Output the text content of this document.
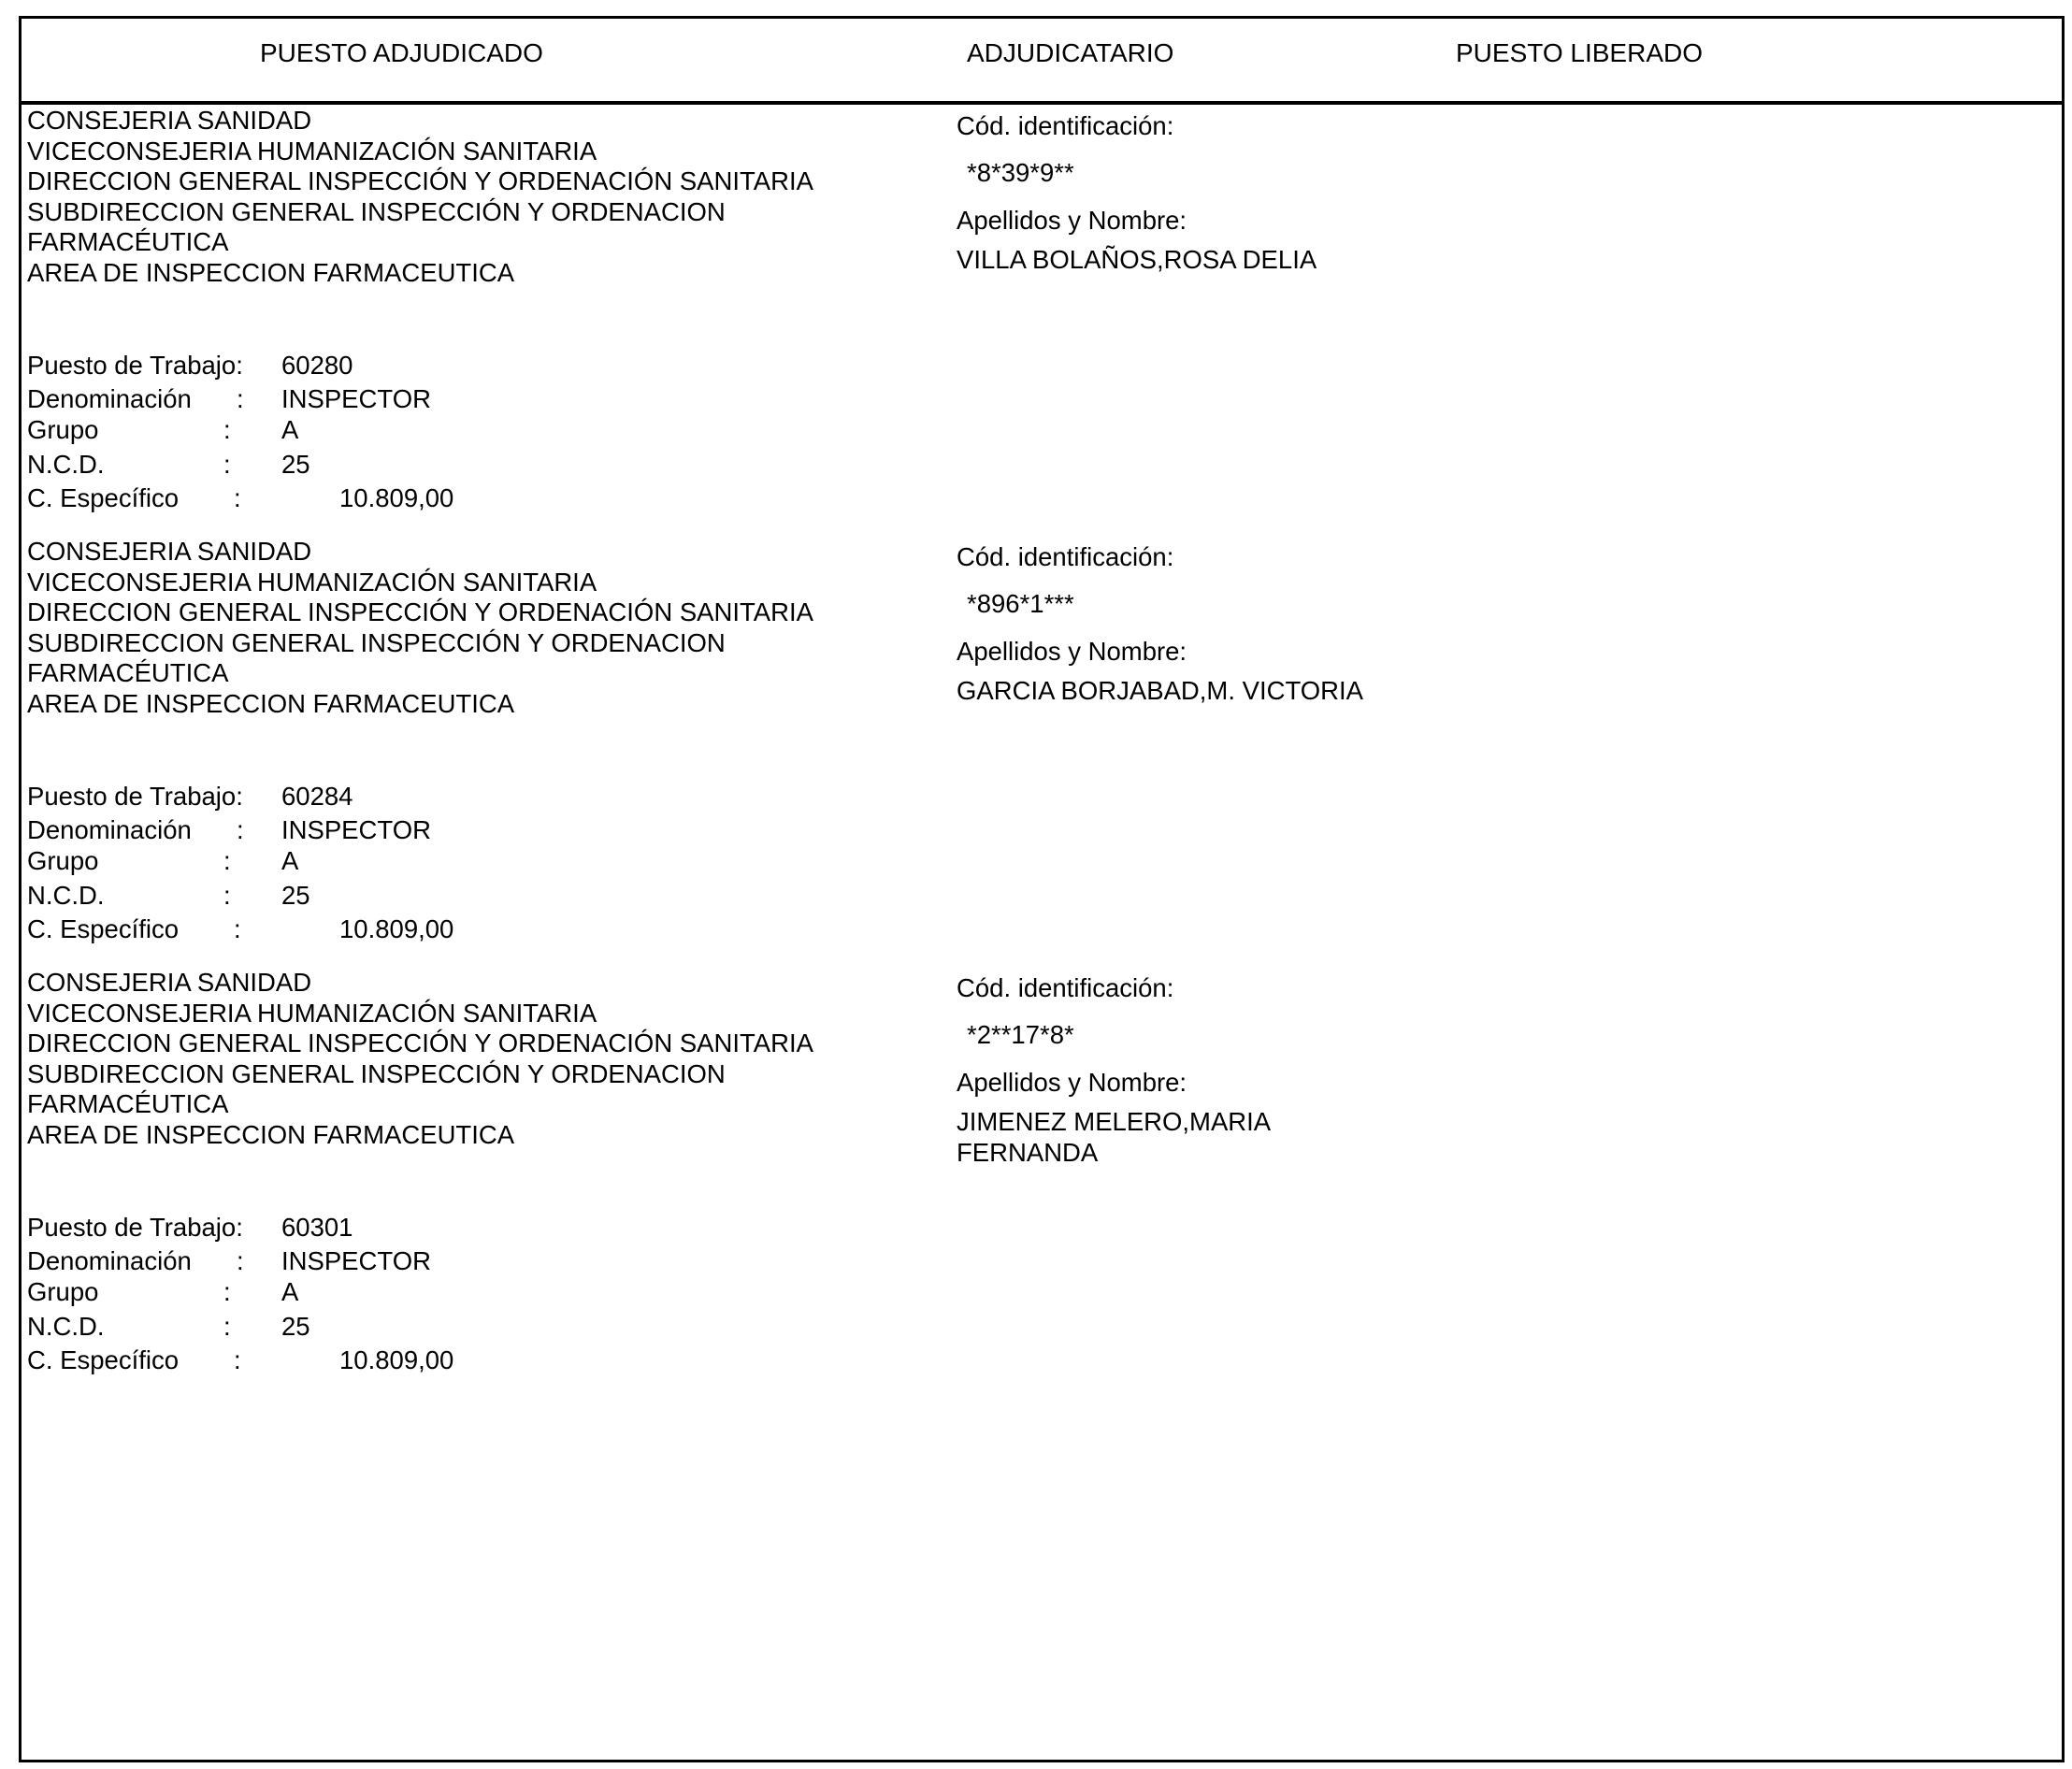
PUESTO ADJUDICADO	ADJUDICATARIO	PUESTO LIBERADO
CONSEJERIA SANIDAD
VICECONSEJERIA HUMANIZACIÓN SANITARIA
DIRECCION GENERAL INSPECCIÓN Y ORDENACIÓN SANITARIA
SUBDIRECCION GENERAL INSPECCIÓN Y ORDENACION
FARMACÉUTICA
AREA DE INSPECCION FARMACEUTICA
Puesto de Trabajo: 60280
Denominación : INSPECTOR
Grupo	: A
N.C.D.	: 25
C. Específico :	10.809,00
Cód. identificación:
*8*39*9**
Apellidos y Nombre:
VILLA BOLAÑOS,ROSA DELIA
CONSEJERIA SANIDAD
VICECONSEJERIA HUMANIZACIÓN SANITARIA
DIRECCION GENERAL INSPECCIÓN Y ORDENACIÓN SANITARIA
SUBDIRECCION GENERAL INSPECCIÓN Y ORDENACION
FARMACÉUTICA
AREA DE INSPECCION FARMACEUTICA
Puesto de Trabajo: 60284
Denominación : INSPECTOR
Grupo	: A
N.C.D.	: 25
C. Específico :	10.809,00
Cód. identificación:
*896*1***
Apellidos y Nombre:
GARCIA BORJABAD,M. VICTORIA
CONSEJERIA SANIDAD
VICECONSEJERIA HUMANIZACIÓN SANITARIA
DIRECCION GENERAL INSPECCIÓN Y ORDENACIÓN SANITARIA
SUBDIRECCION GENERAL INSPECCIÓN Y ORDENACION
FARMACÉUTICA
AREA DE INSPECCION FARMACEUTICA
Puesto de Trabajo: 60301
Denominación : INSPECTOR
Grupo	: A
N.C.D.	: 25
C. Específico :	10.809,00
Cód. identificación:
*2**17*8*
Apellidos y Nombre:
JIMENEZ MELERO,MARIA FERNANDA
